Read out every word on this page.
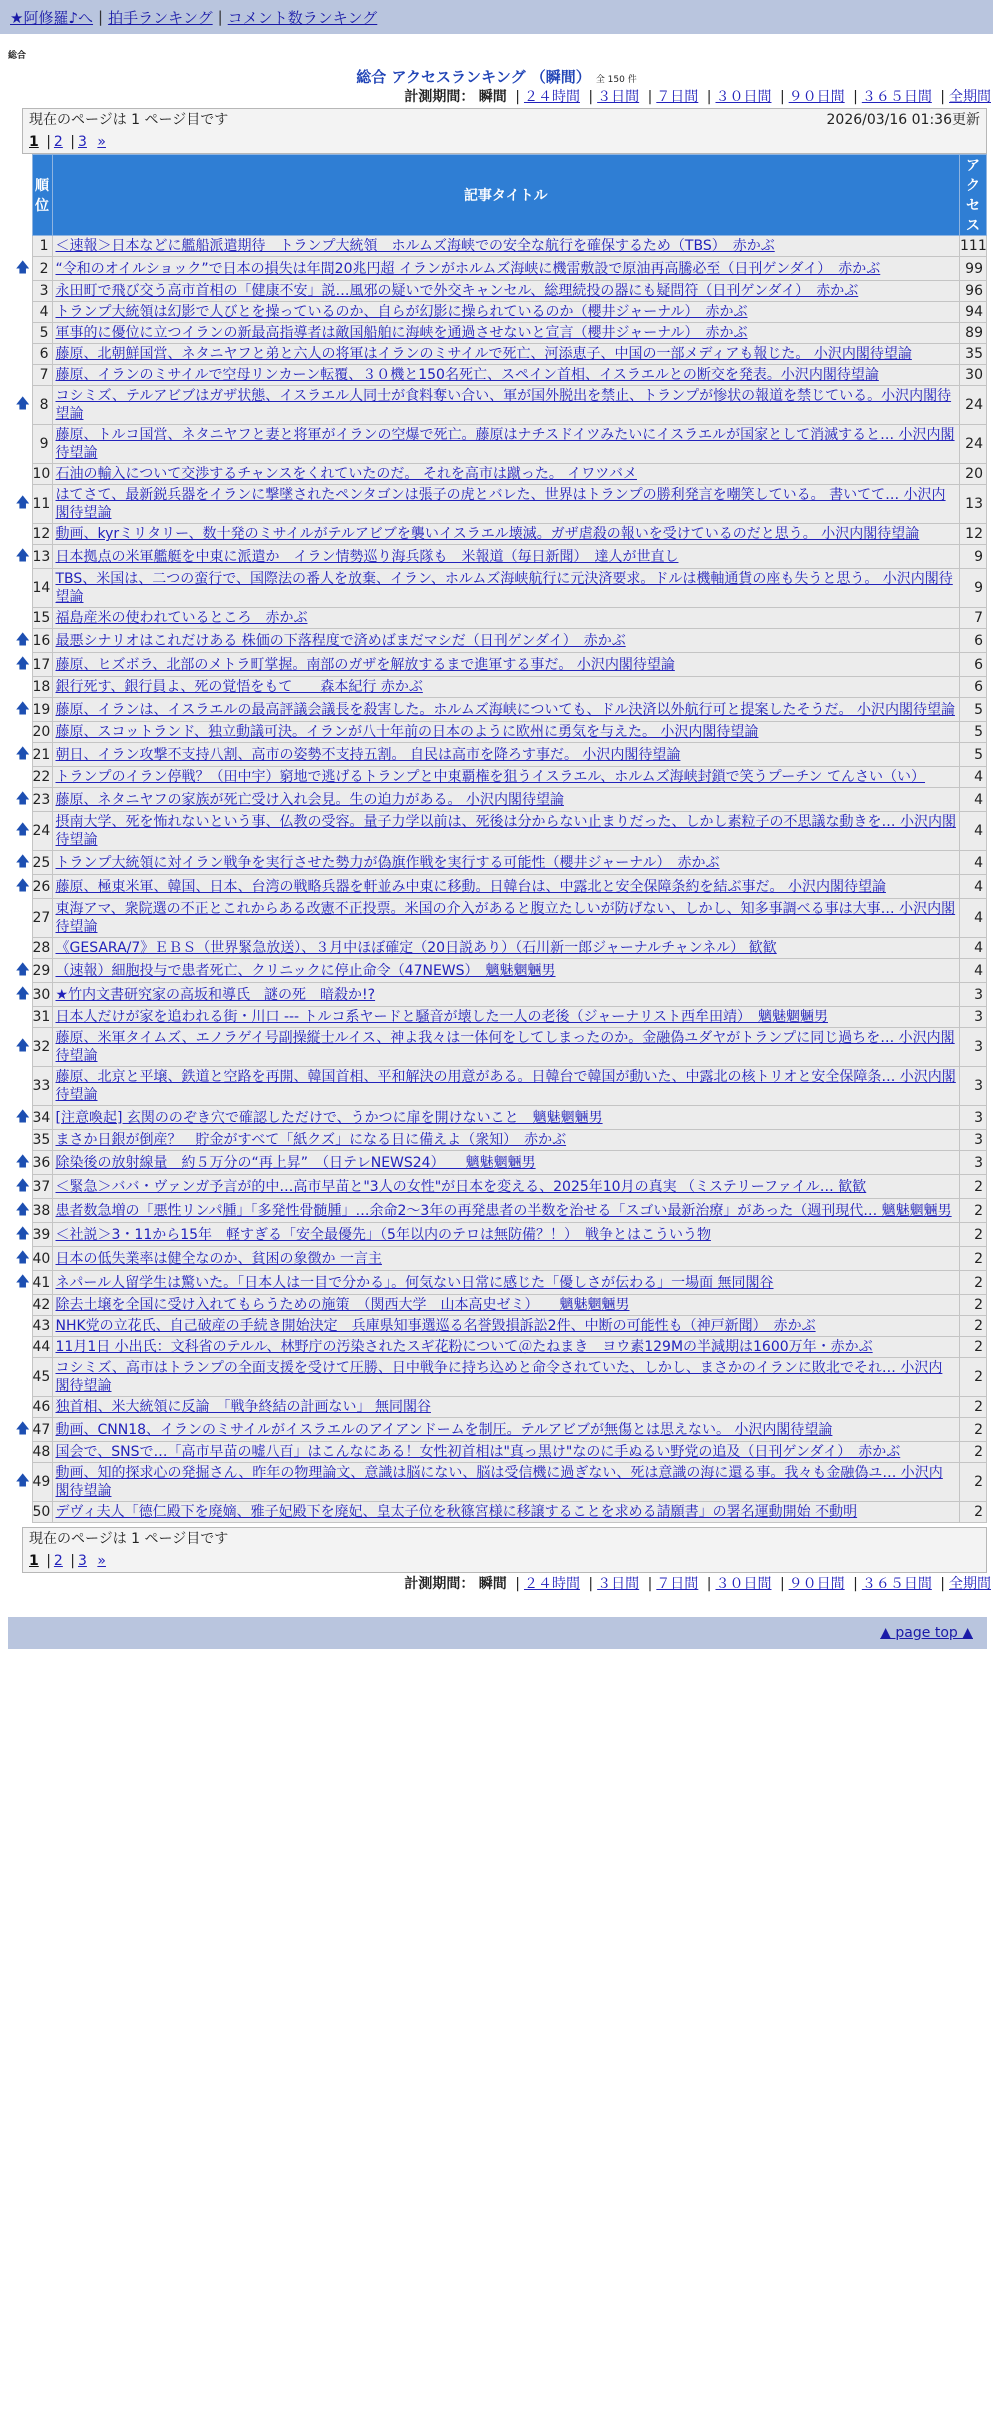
★阿修羅♪へ | 拍手ランキング | コメント数ランキング
総合
総合 アクセスランキング （瞬間） 全 150 件
計測期間： 瞬間 | ２４時間 | ３日間 | ７日間 | ３０日間 | ９０日間 | ３６５日間 | 全期間
現在のページは 1 ページ目です	2026/03/16 01:36更新
1 | 2 | 3 »
	順位	記事タイトル	アクセス
	1	＜速報＞日本などに艦船派遣期待　トランプ大統領　ホルムズ海峡での安全な航行を確保するため（TBS）　赤かぶ	111
🡅	2	“令和のオイルショック”で日本の損失は年間20兆円超 イランがホルムズ海峡に機雷敷設で原油再高騰必至（日刊ゲンダイ）　赤かぶ	99
	3	永田町で飛び交う高市首相の「健康不安」説…風邪の疑いで外交キャンセル、総理続投の器にも疑問符（日刊ゲンダイ）　赤かぶ	96
	4	トランプ大統領は幻影で人びとを操っているのか、自らが幻影に操られているのか（櫻井ジャーナル）　赤かぶ	94
	5	軍事的に優位に立つイランの新最高指導者は敵国船舶に海峡を通過させないと宣言（櫻井ジャーナル）　赤かぶ	89
	6	藤原、北朝鮮国営、ネタニヤフと弟と六人の将軍はイランのミサイルで死亡、河添恵子、中国の一部メディアも報じた。 小沢内閣待望論	35
	7	藤原、イランのミサイルで空母リンカーン転覆、３０機と150名死亡、スペイン首相、イスラエルとの断交を発表。小沢内閣待望論	30
🡅	8	コシミズ、テルアビブはガザ状態、イスラエル人同士が食料奪い合い、軍が国外脱出を禁止、トランプが惨状の報道を禁じている。小沢内閣待望論	24
	9	藤原、トルコ国営、ネタニヤフと妻と将軍がイランの空爆で死亡。藤原はナチスドイツみたいにイスラエルが国家として消滅すると… 小沢内閣待望論	24
	10	石油の輸入について交渉するチャンスをくれていたのだ。 それを高市は蹴った。 イワツバメ	20
🡅	11	はてさて、最新鋭兵器をイランに撃墜されたペンタゴンは張子の虎とバレた、世界はトランプの勝利発言を嘲笑している。 書いてて… 小沢内閣待望論	13
	12	動画、kyrミリタリー、数十発のミサイルがテルアビブを襲いイスラエル壊滅。ガザ虐殺の報いを受けているのだと思う。 小沢内閣待望論	12
🡅	13	日本拠点の米軍艦艇を中東に派遣か　イラン情勢巡り海兵隊も　米報道（毎日新聞）　達人が世直し	9
	14	TBS、米国は、二つの蛮行で、国際法の番人を放棄、イラン、ホルムズ海峡航行に元決済要求。ドルは機軸通貨の座も失うと思う。 小沢内閣待望論	9
	15	福島産米の使われているところ　赤かぶ	7
🡅	16	最悪シナリオはこれだけある 株価の下落程度で済めばまだマシだ（日刊ゲンダイ）　赤かぶ	6
🡅	17	藤原、ヒズボラ、北部のメトラ町掌握。南部のガザを解放するまで進軍する事だ。 小沢内閣待望論	6
	18	銀行死す、銀行員よ、死の覚悟をもて　　森本紀行 赤かぶ	6
🡅	19	藤原、イランは、イスラエルの最高評議会議長を殺害した。ホルムズ海峡についても、ドル決済以外航行可と提案したそうだ。 小沢内閣待望論	5
	20	藤原、スコットランド、独立動議可決。イランが八十年前の日本のように欧州に勇気を与えた。 小沢内閣待望論	5
🡅	21	朝日、イラン攻撃不支持八割、高市の姿勢不支持五割。 自民は高市を降ろす事だ。 小沢内閣待望論	5
	22	トランプのイラン停戦？（田中宇）窮地で逃げるトランプと中東覇権を狙うイスラエル、ホルムズ海峡封鎖で笑うプーチン てんさい（い）	4
🡅	23	藤原、ネタニヤフの家族が死亡受け入れ会見。生の迫力がある。 小沢内閣待望論	4
🡅	24	摂南大学、死を怖れないという事、仏教の受容。量子力学以前は、死後は分からない止まりだった、しかし素粒子の不思議な動きを… 小沢内閣待望論	4
🡅	25	トランプ大統領に対イラン戦争を実行させた勢力が偽旗作戦を実行する可能性（櫻井ジャーナル）　赤かぶ	4
🡅	26	藤原、極東米軍、韓国、日本、台湾の戦略兵器を軒並み中東に移動。日韓台は、中露北と安全保障条約を結ぶ事だ。 小沢内閣待望論	4
	27	東海アマ、衆院選の不正とこれからある改憲不正投票。米国の介入があると腹立たしいが防げない、しかし、知多事調べる事は大事… 小沢内閣待望論	4
	28	《GESARA/7》ＥＢＳ（世界緊急放送）、３月中ほぼ確定（20日説あり）（石川新一郎ジャーナルチャンネル） 歓歓	4
🡅	29	（速報）細胞投与で患者死亡、クリニックに停止命令（47NEWS）　魑魅魍魎男	4
🡅	30	★竹内文書研究家の高坂和導氏　謎の死　暗殺か!?	3
	31	日本人だけが家を追われる街・川口 --- トルコ系ヤードと騒音が壊した一人の老後（ジャーナリスト西牟田靖）　魑魅魍魎男	3
🡅	32	藤原、米軍タイムズ、エノラゲイ号副操縦士ルイス、神よ我々は一体何をしてしまったのか。金融偽ユダヤがトランプに同じ過ちを… 小沢内閣待望論	3
	33	藤原、北京と平壌、鉄道と空路を再開、韓国首相、平和解決の用意がある。日韓台で韓国が動いた、中露北の核トリオと安全保障条… 小沢内閣待望論	3
🡅	34	[注意喚起] 玄関ののぞき穴で確認しただけで、うかつに扉を開けないこと　魑魅魍魎男	3
	35	まさか日銀が倒産？　貯金がすべて「紙クズ」になる日に備えよ（衆知）　赤かぶ	3
🡅	36	除染後の放射線量　約５万分の“再上昇”　（日テレNEWS24）　　魑魅魍魎男	3
🡅	37	＜緊急＞ババ・ヴァンガ予言が的中…高市早苗と"3人の女性"が日本を変える、2025年10月の真実 （ミステリーファイル… 歓歓	2
🡅	38	患者数急増の「悪性リンパ腫」「多発性骨髄腫」…余命2～3年の再発患者の半数を治せる「スゴい最新治療」があった（週刊現代… 魑魅魍魎男	2
🡅	39	＜社説＞3・11から15年　軽すぎる「安全最優先」（5年以内のテロは無防備？！）　戦争とはこういう物	2
🡅	40	日本の低失業率は健全なのか、貧困の象徴か 一言主	2
🡅	41	ネパール人留学生は驚いた。「日本人は一目で分かる」。何気ない日常に感じた「優しさが伝わる」一場面 無同閣谷	2
	42	除去土壌を全国に受け入れてもらうための施策　（関西大学　山本高史ゼミ）　　魑魅魍魎男	2
	43	NHK党の立花氏、自己破産の手続き開始決定　兵庫県知事選巡る名誉毀損訴訟2件、中断の可能性も（神戸新聞）　赤かぶ	2
	44	11月1日 小出氏：文科省のテルル、林野庁の汚染されたスギ花粉について＠たねまき　ヨウ素129Mの半減期は1600万年・赤かぶ	2
	45	コシミズ、高市はトランプの全面支援を受けて圧勝、日中戦争に持ち込めと命令されていた、しかし、まさかのイランに敗北でそれ… 小沢内閣待望論	2
	46	独首相、米大統領に反論　「戦争終結の計画ない」 無同閣谷	2
🡅	47	動画、CNN18、イランのミサイルがイスラエルのアイアンドームを制圧。テルアビブが無傷とは思えない。 小沢内閣待望論	2
	48	国会で、SNSで…「高市早苗の嘘八百」はこんなにある！女性初首相は"真っ黒け"なのに手ぬるい野党の追及（日刊ゲンダイ）　赤かぶ	2
🡅	49	動画、知的探求心の発掘さん、昨年の物理論文、意識は脳にない、脳は受信機に過ぎない、死は意識の海に還る事。我々も金融偽ユ… 小沢内閣待望論	2
	50	デヴィ夫人「德仁殿下を廃嫡、雅子妃殿下を廃妃、皇太子位を秋篠宮様に移譲することを求める請願書」の署名運動開始 不動明	2
現在のページは 1 ページ目です
1 | 2 | 3 »
計測期間： 瞬間 | ２４時間 | ３日間 | ７日間 | ３０日間 | ９０日間 | ３６５日間 | 全期間
▲ page top ▲
